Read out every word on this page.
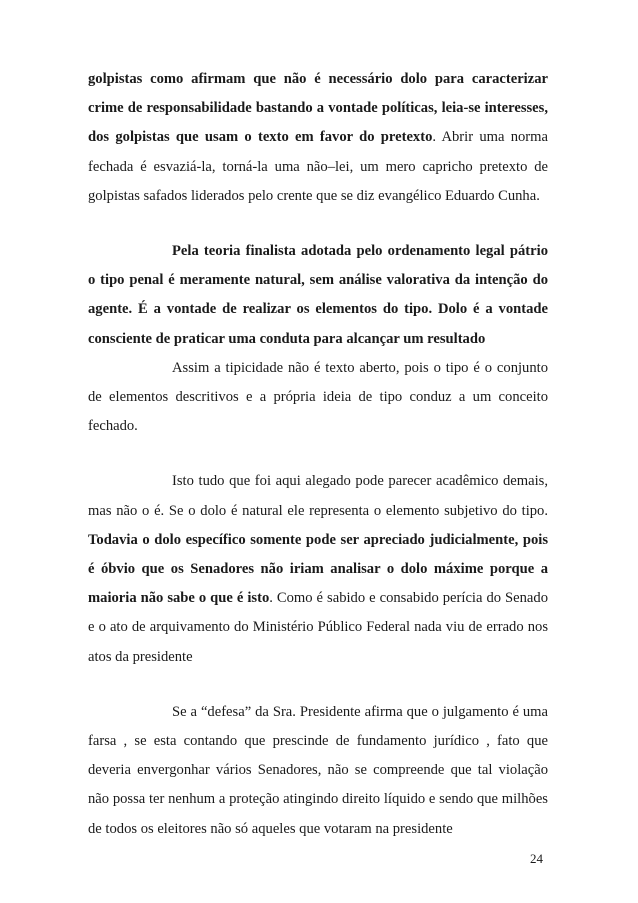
golpistas como afirmam que não é necessário dolo para caracterizar crime de responsabilidade bastando a vontade políticas, leia-se interesses, dos golpistas que usam o texto em favor do pretexto. Abrir uma norma fechada é esvaziá-la, torná-la uma não–lei, um mero capricho pretexto de golpistas safados liderados pelo crente que se diz evangélico Eduardo Cunha.

Pela teoria finalista adotada pelo ordenamento legal pátrio o tipo penal é meramente natural, sem análise valorativa da intenção do agente. É a vontade de realizar os elementos do tipo. Dolo é a vontade consciente de praticar uma conduta para alcançar um resultado

Assim a tipicidade não é texto aberto, pois o tipo é o conjunto de elementos descritivos e a própria ideia de tipo conduz a um conceito fechado.

Isto tudo que foi aqui alegado pode parecer acadêmico demais, mas não o é. Se o dolo é natural ele representa o elemento subjetivo do tipo. Todavia o dolo específico somente pode ser apreciado judicialmente, pois é óbvio que os Senadores não iriam analisar o dolo máxime porque a maioria não sabe o que é isto. Como é sabido e consabido perícia do Senado e o ato de arquivamento do Ministério Público Federal nada viu de errado nos atos da presidente

Se a “defesa” da Sra. Presidente afirma que o julgamento é uma farsa , se esta contando que prescinde de fundamento jurídico , fato que deveria envergonhar vários Senadores, não se compreende que tal violação não possa ter nenhum a proteção atingindo direito líquido e sendo que milhões de todos os eleitores não só aqueles que votaram na presidente

24
